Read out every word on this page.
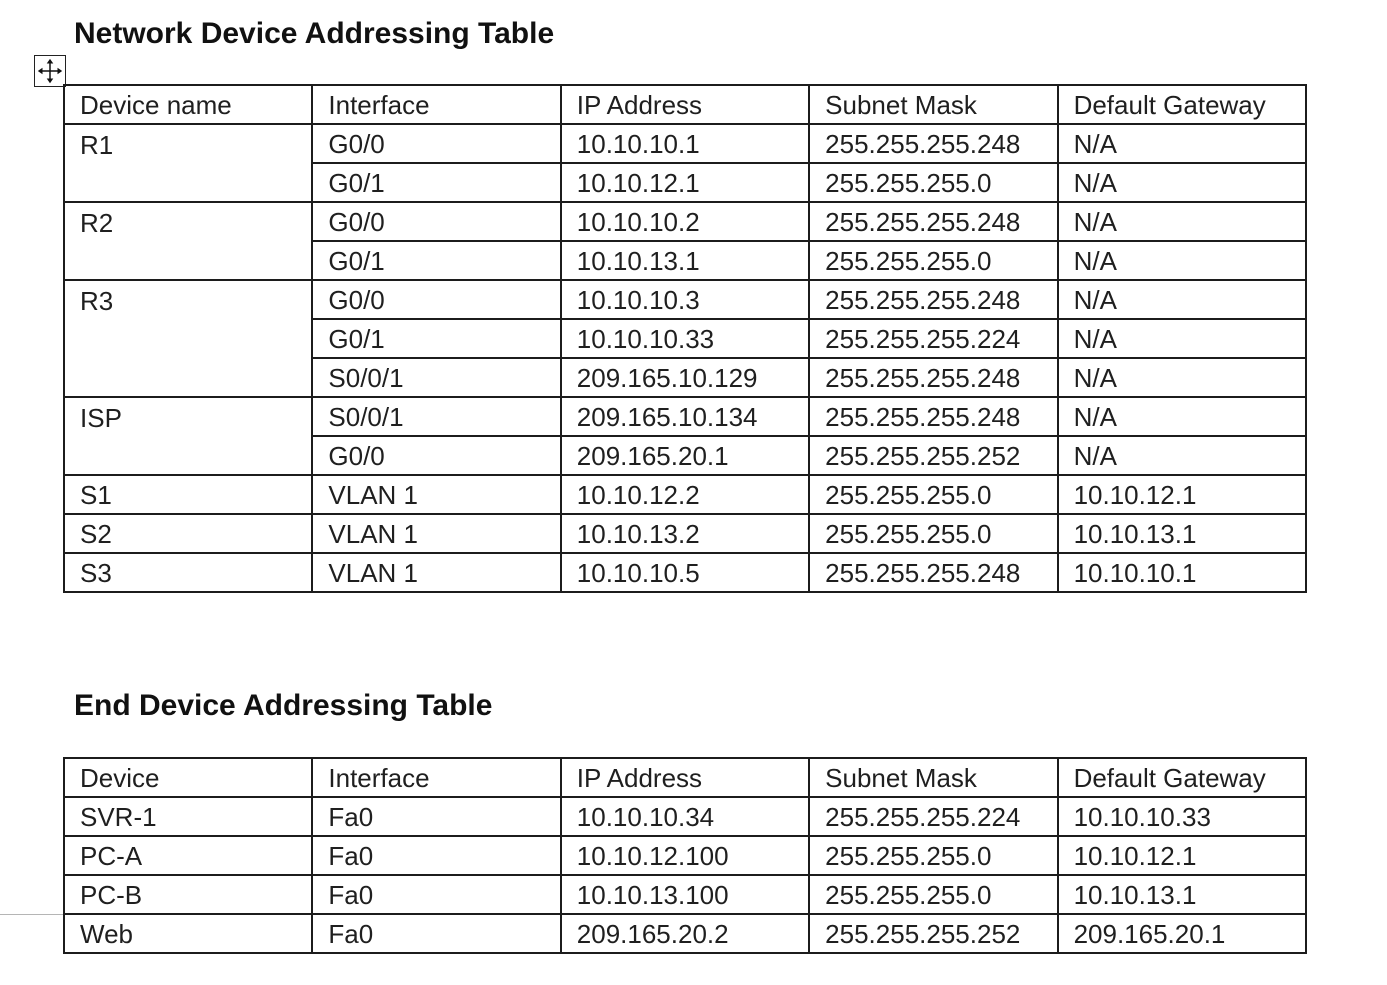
Network Device Addressing Table
Device name	Interface	IP Address	Subnet Mask	Default Gateway
R1	G0/0	10.10.10.1	255.255.255.248	N/A
	G0/1	10.10.12.1	255.255.255.0	N/A
R2	G0/0	10.10.10.2	255.255.255.248	N/A
	G0/1	10.10.13.1	255.255.255.0	N/A
R3	G0/0	10.10.10.3	255.255.255.248	N/A
	G0/1	10.10.10.33	255.255.255.224	N/A
	S0/0/1	209.165.10.129	255.255.255.248	N/A
ISP	S0/0/1	209.165.10.134	255.255.255.248	N/A
	G0/0	209.165.20.1	255.255.255.252	N/A
S1	VLAN 1	10.10.12.2	255.255.255.0	10.10.12.1
S2	VLAN 1	10.10.13.2	255.255.255.0	10.10.13.1
S3	VLAN 1	10.10.10.5	255.255.255.248	10.10.10.1
End Device Addressing Table
Device	Interface	IP Address	Subnet Mask	Default Gateway
SVR-1	Fa0	10.10.10.34	255.255.255.224	10.10.10.33
PC-A	Fa0	10.10.12.100	255.255.255.0	10.10.12.1
PC-B	Fa0	10.10.13.100	255.255.255.0	10.10.13.1
Web	Fa0	209.165.20.2	255.255.255.252	209.165.20.1
